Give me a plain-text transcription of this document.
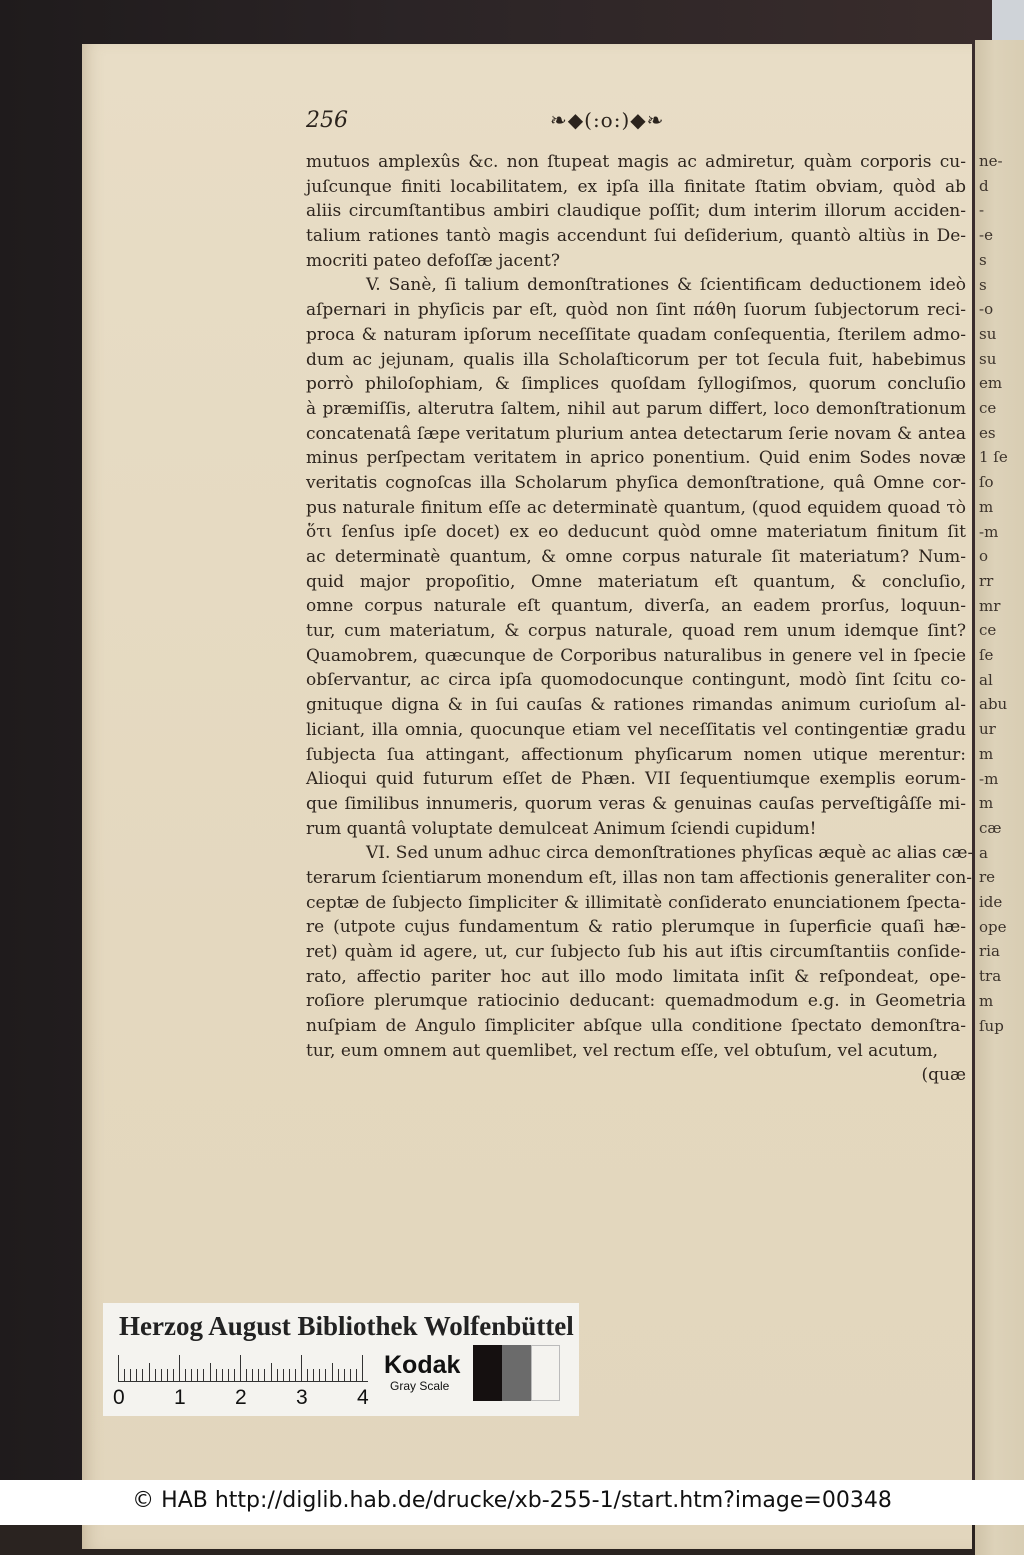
ne-
d
-
-e
s
s
-o
su
su
em
ce
es
1 ſe
ſo
m
-m
o
rr
mr
ce
ſe
al
abu
ur
m
-m
m
cæ
a
re
ide
ope
ria
tra
m
ſup
256	❧◆(:o:)◆❧
mutuos amplexûs &c. non ſtupeat magis ac admiretur, quàm corporis cu-
juſcunque finiti locabilitatem, ex ipſa illa finitate ſtatim obviam, quòd ab
aliis circumſtantibus ambiri claudique poſſit; dum interim illorum acciden-
talium rationes tantò magis accendunt ſui deſiderium, quantò altiùs in De-
mocriti pateo defoſſæ jacent?
V. Sanè, ſi talium demonſtrationes & ſcientificam deductionem ideò
aſpernari in phyſicis par eſt, quòd non ſint πάθη ſuorum ſubjectorum reci-
proca & naturam ipſorum neceſſitate quadam conſequentia, ſterilem admo-
dum ac jejunam, qualis illa Scholaſticorum per tot ſecula fuit, habebimus
porrò philoſophiam, & ſimplices quoſdam ſyllogiſmos, quorum concluſio
à præmiſſis, alterutra ſaltem, nihil aut parum differt, loco demonſtrationum
concatenatâ ſæpe veritatum plurium antea detectarum ſerie novam & antea
minus perſpectam veritatem in aprico ponentium. Quid enim Sodes novæ
veritatis cognoſcas illa Scholarum phyſica demonſtratione, quâ Omne cor-
pus naturale finitum eſſe ac determinatè quantum, (quod equidem quoad τὸ
ὅτι ſenſus ipſe docet) ex eo deducunt quòd omne materiatum finitum ſit
ac determinatè quantum, & omne corpus naturale ſit materiatum? Num-
quid major propoſitio, Omne materiatum eſt quantum, & concluſio,
omne corpus naturale eſt quantum, diverſa, an eadem prorſus, loquun-
tur, cum materiatum, & corpus naturale, quoad rem unum idemque ſint?
Quamobrem, quæcunque de Corporibus naturalibus in genere vel in ſpecie
obſervantur, ac circa ipſa quomodocunque contingunt, modò ſint ſcitu co-
gnituque digna & in ſui cauſas & rationes rimandas animum curioſum al-
liciant, illa omnia, quocunque etiam vel neceſſitatis vel contingentiæ gradu
ſubjecta ſua attingant, affectionum phyſicarum nomen utique merentur:
Alioqui quid futurum eſſet de Phæn. VII ſequentiumque exemplis eorum-
que ſimilibus innumeris, quorum veras & genuinas cauſas perveſtigâſſe mi-
rum quantâ voluptate demulceat Animum ſciendi cupidum!
VI. Sed unum adhuc circa demonſtrationes phyſicas æquè ac alias cæ-
terarum ſcientiarum monendum eſt, illas non tam affectionis generaliter con-
ceptæ de ſubjecto ſimpliciter & illimitatè conſiderato enunciationem ſpecta-
re (utpote cujus fundamentum & ratio plerumque in ſuperficie quaſi hæ-
ret) quàm id agere, ut, cur ſubjecto ſub his aut iſtis circumſtantiis conſide-
rato, affectio pariter hoc aut illo modo limitata inſit & reſpondeat, ope-
roſiore plerumque ratiocinio deducant: quemadmodum e.g. in Geometria
nuſpiam de Angulo ſimpliciter abſque ulla conditione ſpectato demonſtra-
tur, eum omnem aut quemlibet, vel rectum eſſe, vel obtuſum, vel acutum,
(quæ
Herzog August Bibliothek Wolfenbüttel
0 1 2 3 4
Kodak
Gray Scale
© HAB http://diglib.hab.de/drucke/xb-255-1/start.htm?image=00348
